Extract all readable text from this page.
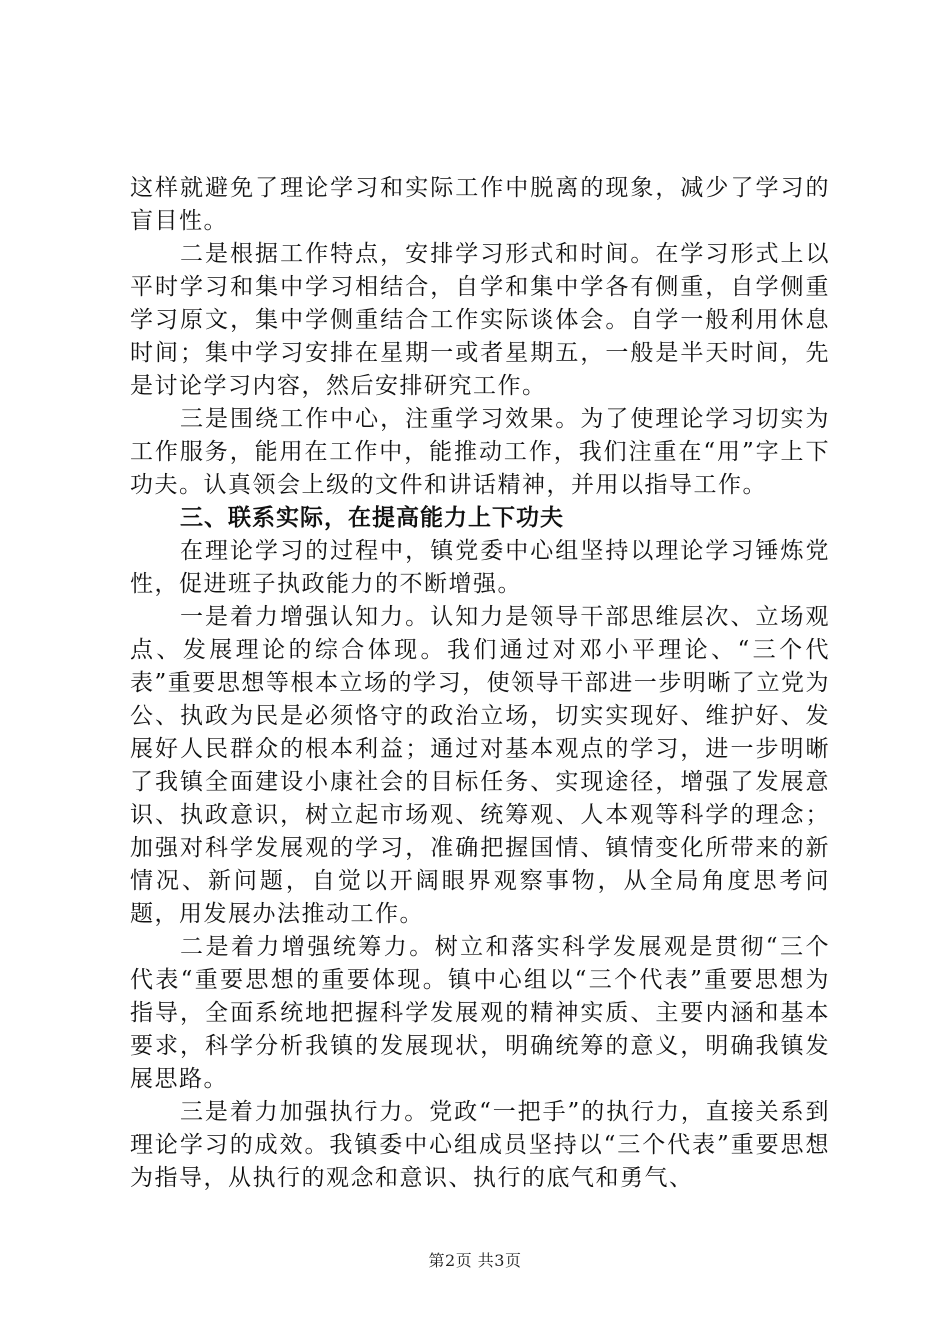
这样就避免了理论学习和实际工作中脱离的现象，减少了学习的盲目性。

二是根据工作特点，安排学习形式和时间。在学习形式上以平时学习和集中学习相结合，自学和集中学各有侧重，自学侧重学习原文，集中学侧重结合工作实际谈体会。自学一般利用休息时间；集中学习安排在星期一或者星期五，一般是半天时间，先是讨论学习内容，然后安排研究工作。

三是围绕工作中心，注重学习效果。为了使理论学习切实为工作服务，能用在工作中，能推动工作，我们注重在“用”字上下功夫。认真领会上级的文件和讲话精神，并用以指导工作。

三、联系实际，在提高能力上下功夫

在理论学习的过程中，镇党委中心组坚持以理论学习锤炼党性，促进班子执政能力的不断增强。

一是着力增强认知力。认知力是领导干部思维层次、立场观点、发展理论的综合体现。我们通过对邓小平理论、“三个代表”重要思想等根本立场的学习，使领导干部进一步明晰了立党为公、执政为民是必须恪守的政治立场，切实实现好、维护好、发展好人民群众的根本利益；通过对基本观点的学习，进一步明晰了我镇全面建设小康社会的目标任务、实现途径，增强了发展意识、执政意识，树立起市场观、统筹观、人本观等科学的理念；加强对科学发展观的学习，准确把握国情、镇情变化所带来的新情况、新问题，自觉以开阔眼界观察事物，从全局角度思考问题，用发展办法推动工作。

二是着力增强统筹力。树立和落实科学发展观是贯彻“三个代表“重要思想的重要体现。镇中心组以“三个代表”重要思想为指导，全面系统地把握科学发展观的精神实质、主要内涵和基本要求，科学分析我镇的发展现状，明确统筹的意义，明确我镇发展思路。

三是着力加强执行力。党政“一把手”的执行力，直接关系到理论学习的成效。我镇委中心组成员坚持以“三个代表”重要思想为指导，从执行的观念和意识、执行的底气和勇气、

第2页 共3页
